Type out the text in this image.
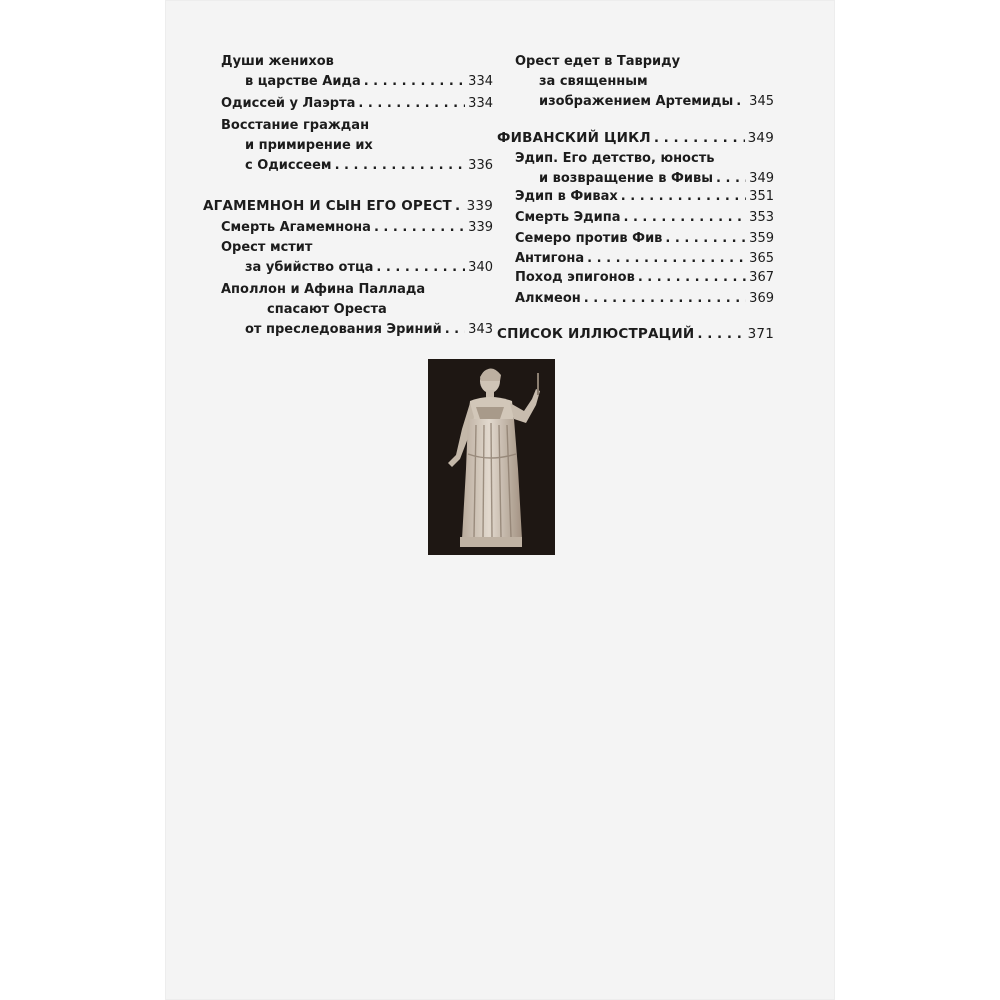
Души женихов
в царстве Аида . . .	334
Одиссей у Лаэрта . . .	334
Восстание граждан
и примирение их
с Одиссеем . . .	336
АГАМЕМНОН И СЫН ЕГО ОРЕСТ . . . 339
Смерть Агамемнона . . .	339
Орест мстит
за убийство отца . . .	340
Аполлон и Афина Паллада
спасают Ореста
от преследования Эриний . . . 343
Орест едет в Тавриду
за священным
изображением Артемиды . . . 345
ФИВАНСКИЙ ЦИКЛ . . .	349
Эдип. Его детство, юность
и возвращение в Фивы . . .	349
Эдип в Фивах . . .	351
Смерть Эдипа . . .	353
Семеро против Фив . . .	359
Антигона . . .	365
Поход эпигонов . . .	367
Алкмеон . . .	369
СПИСОК ИЛЛЮСТРАЦИЙ . . .	371
